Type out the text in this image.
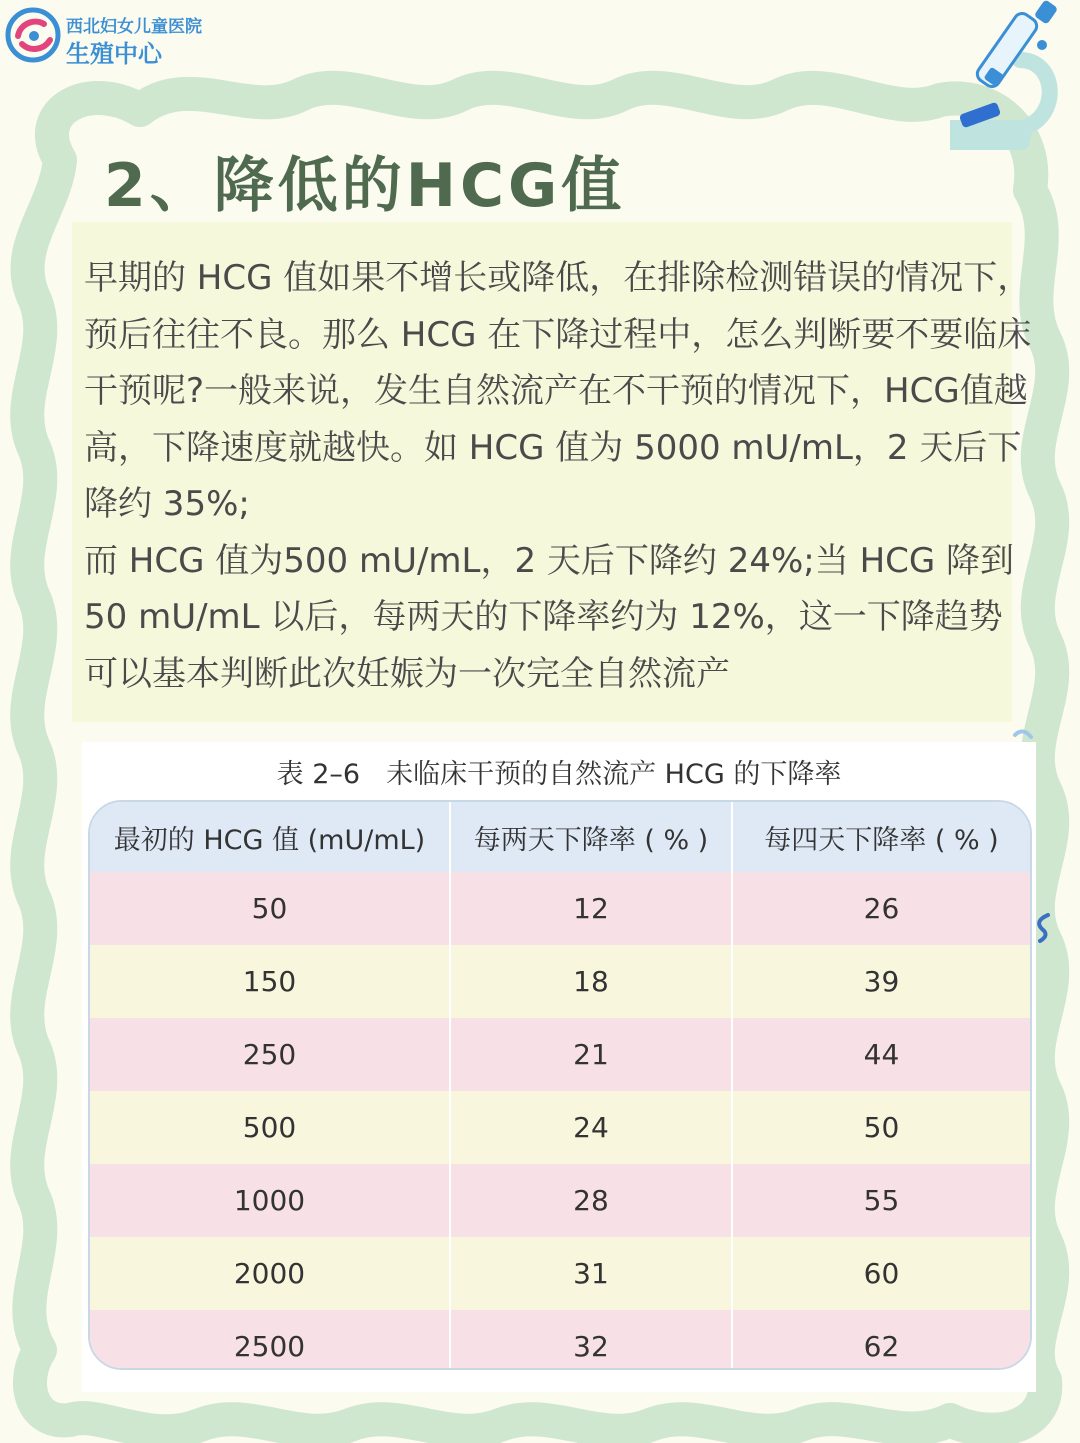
西北妇女儿童医院
生殖中心
2、降低的HCG值

早期的 HCG 值如果不增长或降低，在排除检测错误的情况下，预后往往不良。那么 HCG 在下降过程中，怎么判断要不要临床干预呢?一般来说，发生自然流产在不干预的情况下，HCG值越高，下降速度就越快。如 HCG 值为 5000 mU/mL，2 天后下降约 35%;

而 HCG 值为500 mU/mL，2 天后下降约 24%;当 HCG 降到 50 mU/mL 以后，每两天的下降率约为 12%，这一下降趋势可以基本判断此次妊娠为一次完全自然流产

表 2–6 未临床干预的自然流产 HCG 的下降率
最初的 HCG 值 (mU/mL)	每两天下降率 ( % )	每四天下降率 ( % )
50	12	26
150	18	39
250	21	44
500	24	50
1000	28	55
2000	31	60
2500	32	62
